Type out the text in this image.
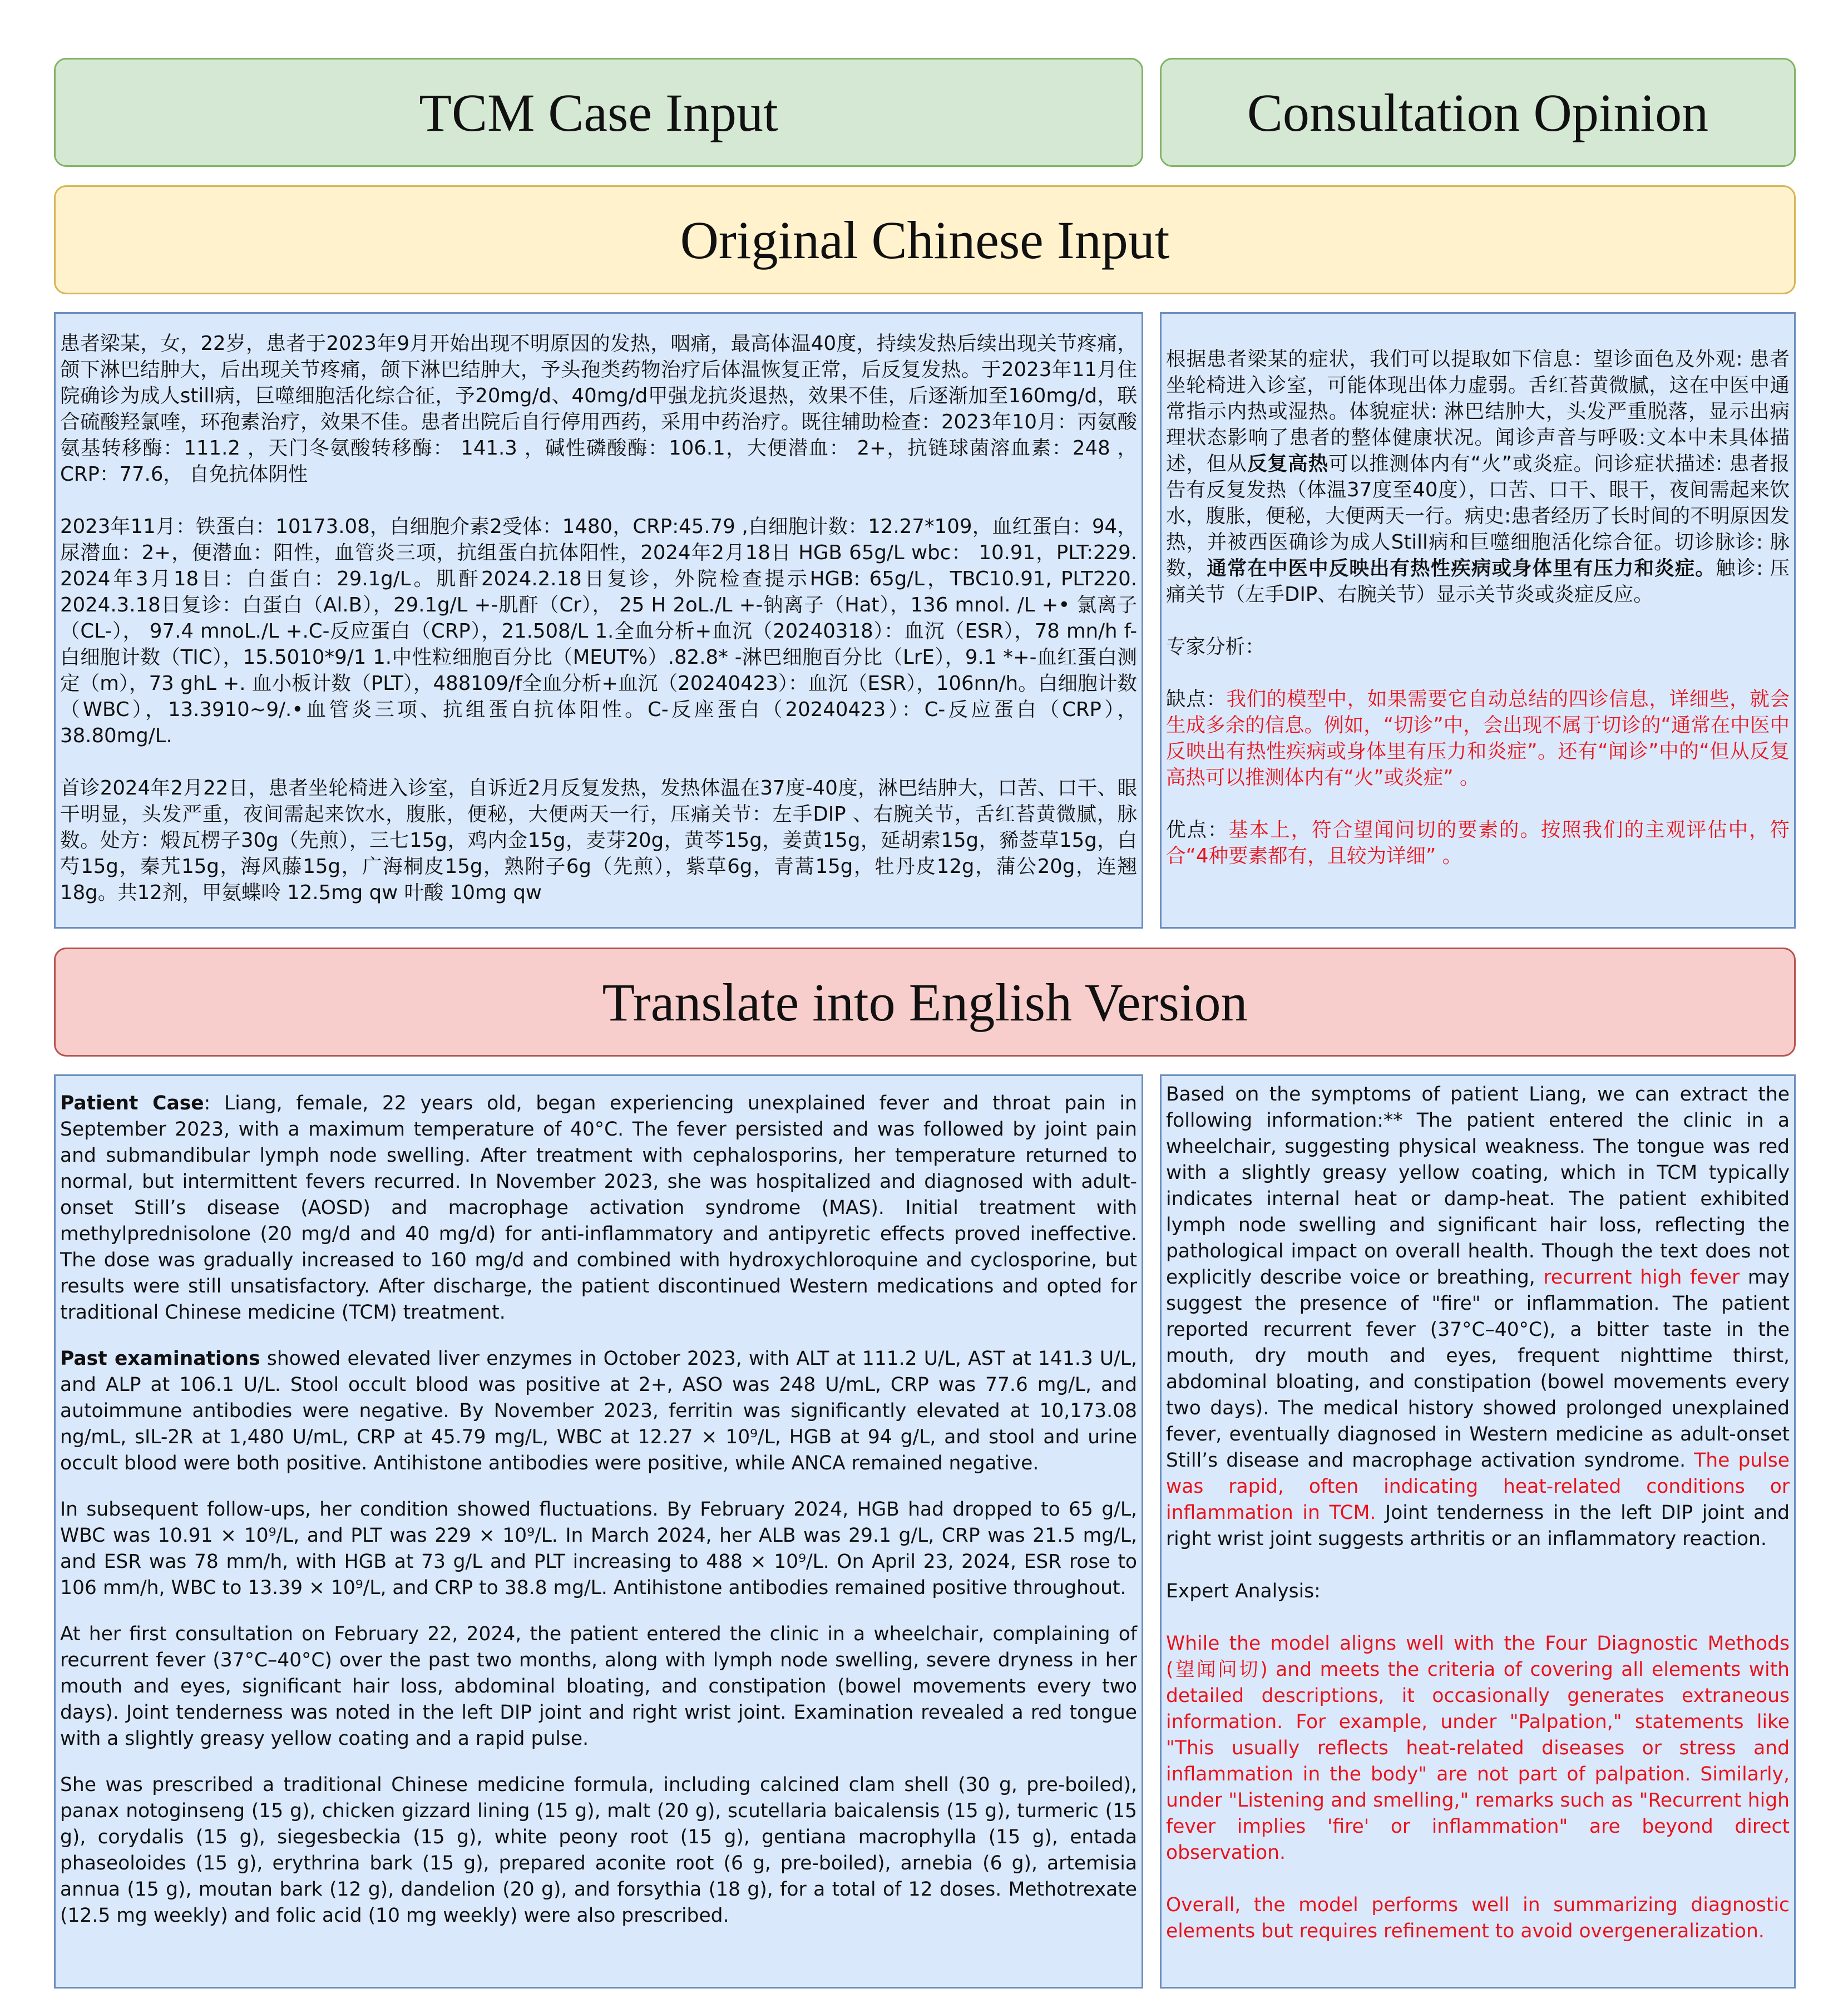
TCM Case Input	Consultation Opinion
Original Chinese Input

患者梁某，女，22岁，患者于2023年9月开始出现不明原因的发热，咽痛，最高体温40度，持续发热后续出现关节疼痛，颌下淋巴结肿大，后出现关节疼痛，颌下淋巴结肿大，予头孢类药物治疗后体温恢复正常，后反复发热。于2023年11月住院确诊为成人still病，巨噬细胞活化综合征，予20mg/d、40mg/d甲强龙抗炎退热，效果不佳，后逐渐加至160mg/d，联合硫酸羟氯喹，环孢素治疗，效果不佳。患者出院后自行停用西药，采用中药治疗。既往辅助检查：2023年10月：丙氨酸氨基转移酶：111.2 ，天门冬氨酸转移酶： 141.3 ，碱性磷酸酶：106.1，大便潜血： 2+，抗链球菌溶血素：248 ，CRP：77.6， 自免抗体阴性

2023年11月：铁蛋白：10173.08，白细胞介素2受体：1480，CRP:45.79 ,白细胞计数：12.27*109，血红蛋白：94，尿潜血：2+，便潜血：阳性，血管炎三项，抗组蛋白抗体阳性，2024年2月18日 HGB 65g/L wbc： 10.91，PLT:229. 2024年3月18日：白蛋白：29.1g/L。肌酐2024.2.18日复诊，外院检查提示HGB: 65g/L，TBC10.91, PLT220. 2024.3.18日复诊：白蛋白（Al.B），29.1g/L +-肌酐（Cr）， 25 H 2oL./L +-钠离子（Hat），136 mnol. /L +• 氯离子（CL-）， 97.4 mnoL./L +.C-反应蛋白（CRP），21.508/L 1.全血分析+血沉（20240318）：血沉（ESR），78 mn/h f-白细胞计数（TIC），15.5010*9/1 1.中性粒细胞百分比（MEUT%）.82.8* -淋巴细胞百分比（LrE），9.1 *+-血红蛋白测定（m），73 ghL +. 血小板计数（PLT），488109/f全血分析+血沉（20240423）：血沉（ESR），106nn/h。白细胞计数（WBC），13.3910~9/.•血管炎三项、抗组蛋白抗体阳性。C-反座蛋白（20240423）：C-反应蛋白（CRP），38.80mg/L.

首诊2024年2月22日，患者坐轮椅进入诊室，自诉近2月反复发热，发热体温在37度-40度，淋巴结肿大，口苦、口干、眼干明显，头发严重，夜间需起来饮水，腹胀，便秘，大便两天一行，压痛关节：左手DIP 、右腕关节，舌红苔黄微腻，脉数。处方：煅瓦楞子30g（先煎），三七15g，鸡内金15g，麦芽20g，黄芩15g，姜黄15g，延胡索15g，豨莶草15g，白芍15g，秦艽15g，海风藤15g，广海桐皮15g，熟附子6g（先煎），紫草6g，青蒿15g，牡丹皮12g，蒲公20g，连翘18g。共12剂，甲氨蝶呤 12.5mg qw 叶酸 10mg qw

根据患者梁某的症状，我们可以提取如下信息：望诊面色及外观: 患者坐轮椅进入诊室，可能体现出体力虚弱。舌红苔黄微腻，这在中医中通常指示内热或湿热。体貌症状: 淋巴结肿大，头发严重脱落，显示出病理状态影响了患者的整体健康状况。闻诊声音与呼吸:文本中未具体描述，但从反复高热可以推测体内有“火”或炎症。问诊症状描述: 患者报告有反复发热（体温37度至40度），口苦、口干、眼干，夜间需起来饮水，腹胀，便秘，大便两天一行。病史:患者经历了长时间的不明原因发热，并被西医确诊为成人Still病和巨噬细胞活化综合征。切诊脉诊: 脉数，通常在中医中反映出有热性疾病或身体里有压力和炎症。触诊: 压痛关节（左手DIP、右腕关节）显示关节炎或炎症反应。

专家分析：

缺点：我们的模型中，如果需要它自动总结的四诊信息，详细些，就会生成多余的信息。例如，“切诊”中，会出现不属于切诊的“通常在中医中反映出有热性疾病或身体里有压力和炎症”。还有“闻诊”中的“但从反复高热可以推测体内有“火”或炎症” 。

优点：基本上，符合望闻问切的要素的。按照我们的主观评估中，符合“4种要素都有，且较为详细” 。

Translate into English Version

Patient Case: Liang, female, 22 years old, began experiencing unexplained fever and throat pain in September 2023, with a maximum temperature of 40°C. The fever persisted and was followed by joint pain and submandibular lymph node swelling. After treatment with cephalosporins, her temperature returned to normal, but intermittent fevers recurred. In November 2023, she was hospitalized and diagnosed with adult-onset Still’s disease (AOSD) and macrophage activation syndrome (MAS). Initial treatment with methylprednisolone (20 mg/d and 40 mg/d) for anti-inflammatory and antipyretic effects proved ineffective. The dose was gradually increased to 160 mg/d and combined with hydroxychloroquine and cyclosporine, but results were still unsatisfactory. After discharge, the patient discontinued Western medications and opted for traditional Chinese medicine (TCM) treatment.

Past examinations showed elevated liver enzymes in October 2023, with ALT at 111.2 U/L, AST at 141.3 U/L, and ALP at 106.1 U/L. Stool occult blood was positive at 2+, ASO was 248 U/mL, CRP was 77.6 mg/L, and autoimmune antibodies were negative. By November 2023, ferritin was significantly elevated at 10,173.08 ng/mL, sIL-2R at 1,480 U/mL, CRP at 45.79 mg/L, WBC at 12.27 × 10⁹/L, HGB at 94 g/L, and stool and urine occult blood were both positive. Antihistone antibodies were positive, while ANCA remained negative.

In subsequent follow-ups, her condition showed fluctuations. By February 2024, HGB had dropped to 65 g/L, WBC was 10.91 × 10⁹/L, and PLT was 229 × 10⁹/L. In March 2024, her ALB was 29.1 g/L, CRP was 21.5 mg/L, and ESR was 78 mm/h, with HGB at 73 g/L and PLT increasing to 488 × 10⁹/L. On April 23, 2024, ESR rose to 106 mm/h, WBC to 13.39 × 10⁹/L, and CRP to 38.8 mg/L. Antihistone antibodies remained positive throughout.

At her first consultation on February 22, 2024, the patient entered the clinic in a wheelchair, complaining of recurrent fever (37°C–40°C) over the past two months, along with lymph node swelling, severe dryness in her mouth and eyes, significant hair loss, abdominal bloating, and constipation (bowel movements every two days). Joint tenderness was noted in the left DIP joint and right wrist joint. Examination revealed a red tongue with a slightly greasy yellow coating and a rapid pulse.

She was prescribed a traditional Chinese medicine formula, including calcined clam shell (30 g, pre-boiled), panax notoginseng (15 g), chicken gizzard lining (15 g), malt (20 g), scutellaria baicalensis (15 g), turmeric (15 g), corydalis (15 g), siegesbeckia (15 g), white peony root (15 g), gentiana macrophylla (15 g), entada phaseoloides (15 g), erythrina bark (15 g), prepared aconite root (6 g, pre-boiled), arnebia (6 g), artemisia annua (15 g), moutan bark (12 g), dandelion (20 g), and forsythia (18 g), for a total of 12 doses. Methotrexate (12.5 mg weekly) and folic acid (10 mg weekly) were also prescribed.

Based on the symptoms of patient Liang, we can extract the following information:** The patient entered the clinic in a wheelchair, suggesting physical weakness. The tongue was red with a slightly greasy yellow coating, which in TCM typically indicates internal heat or damp-heat. The patient exhibited lymph node swelling and significant hair loss, reflecting the pathological impact on overall health. Though the text does not explicitly describe voice or breathing, recurrent high fever may suggest the presence of "fire" or inflammation. The patient reported recurrent fever (37°C–40°C), a bitter taste in the mouth, dry mouth and eyes, frequent nighttime thirst, abdominal bloating, and constipation (bowel movements every two days). The medical history showed prolonged unexplained fever, eventually diagnosed in Western medicine as adult-onset Still’s disease and macrophage activation syndrome. The pulse was rapid, often indicating heat-related conditions or inflammation in TCM. Joint tenderness in the left DIP joint and right wrist joint suggests arthritis or an inflammatory reaction.

Expert Analysis:

While the model aligns well with the Four Diagnostic Methods (望闻问切) and meets the criteria of covering all elements with detailed descriptions, it occasionally generates extraneous information. For example, under "Palpation," statements like "This usually reflects heat-related diseases or stress and inflammation in the body" are not part of palpation. Similarly, under "Listening and smelling," remarks such as "Recurrent high fever implies 'fire' or inflammation" are beyond direct observation.

Overall, the model performs well in summarizing diagnostic elements but requires refinement to avoid overgeneralization.
